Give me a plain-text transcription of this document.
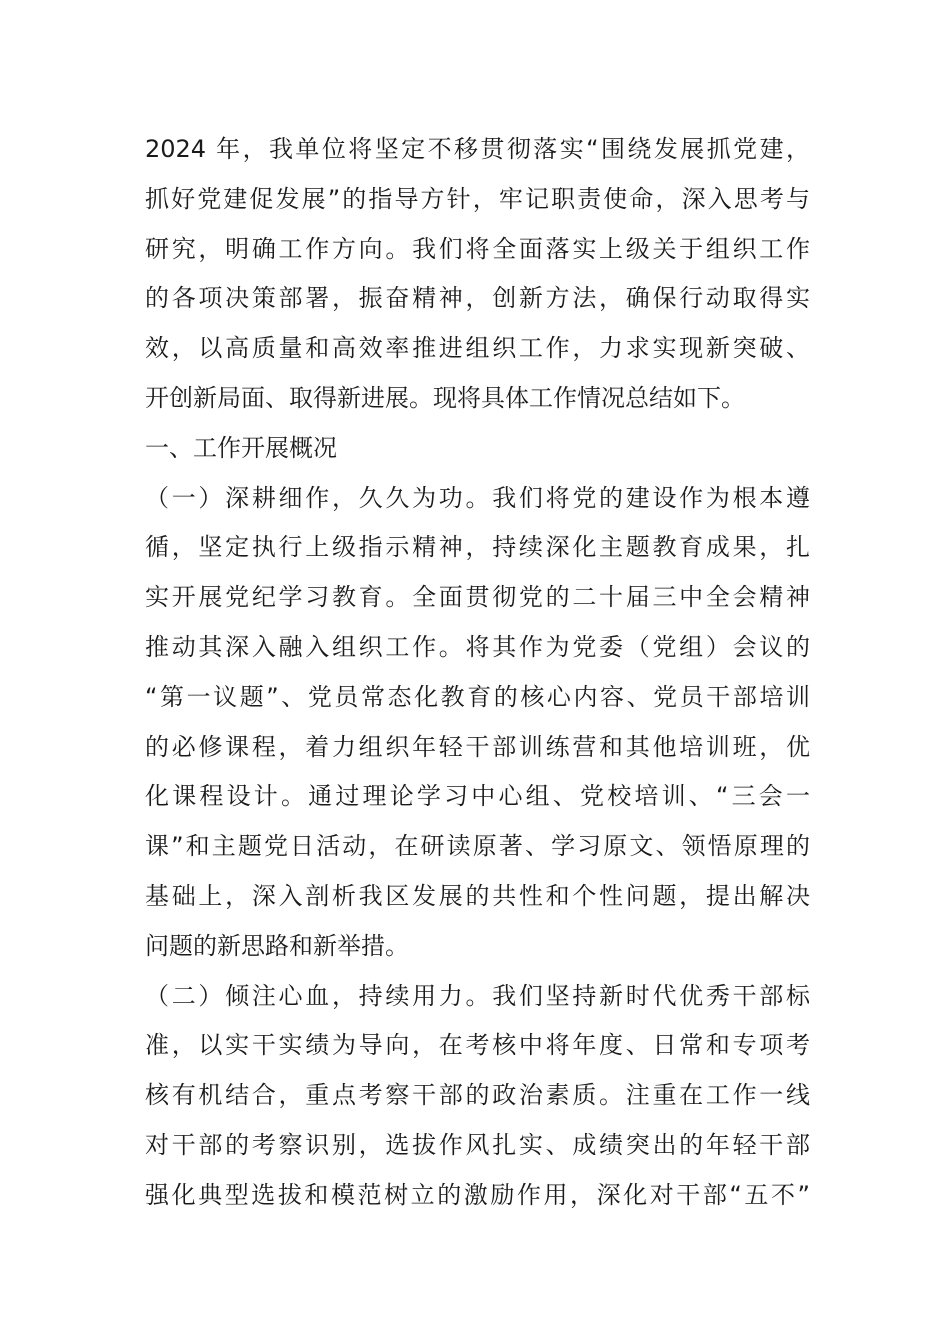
2024 年，我单位将坚定不移贯彻落实“围绕发展抓党建，
抓好党建促发展”的指导方针，牢记职责使命，深入思考与
研究，明确工作方向。我们将全面落实上级关于组织工作
的各项决策部署，振奋精神，创新方法，确保行动取得实
效，以高质量和高效率推进组织工作，力求实现新突破、
开创新局面、取得新进展。现将具体工作情况总结如下。
一、工作开展概况
（一）深耕细作，久久为功。我们将党的建设作为根本遵
循，坚定执行上级指示精神，持续深化主题教育成果，扎
实开展党纪学习教育。全面贯彻党的二十届三中全会精神
推动其深入融入组织工作。将其作为党委（党组）会议的
“第一议题”、党员常态化教育的核心内容、党员干部培训
的必修课程，着力组织年轻干部训练营和其他培训班，优
化课程设计。通过理论学习中心组、党校培训、“三会一
课”和主题党日活动，在研读原著、学习原文、领悟原理的
基础上，深入剖析我区发展的共性和个性问题，提出解决
问题的新思路和新举措。
（二）倾注心血，持续用力。我们坚持新时代优秀干部标
准，以实干实绩为导向，在考核中将年度、日常和专项考
核有机结合，重点考察干部的政治素质。注重在工作一线
对干部的考察识别，选拔作风扎实、成绩突出的年轻干部
强化典型选拔和模范树立的激励作用，深化对干部“五不”
